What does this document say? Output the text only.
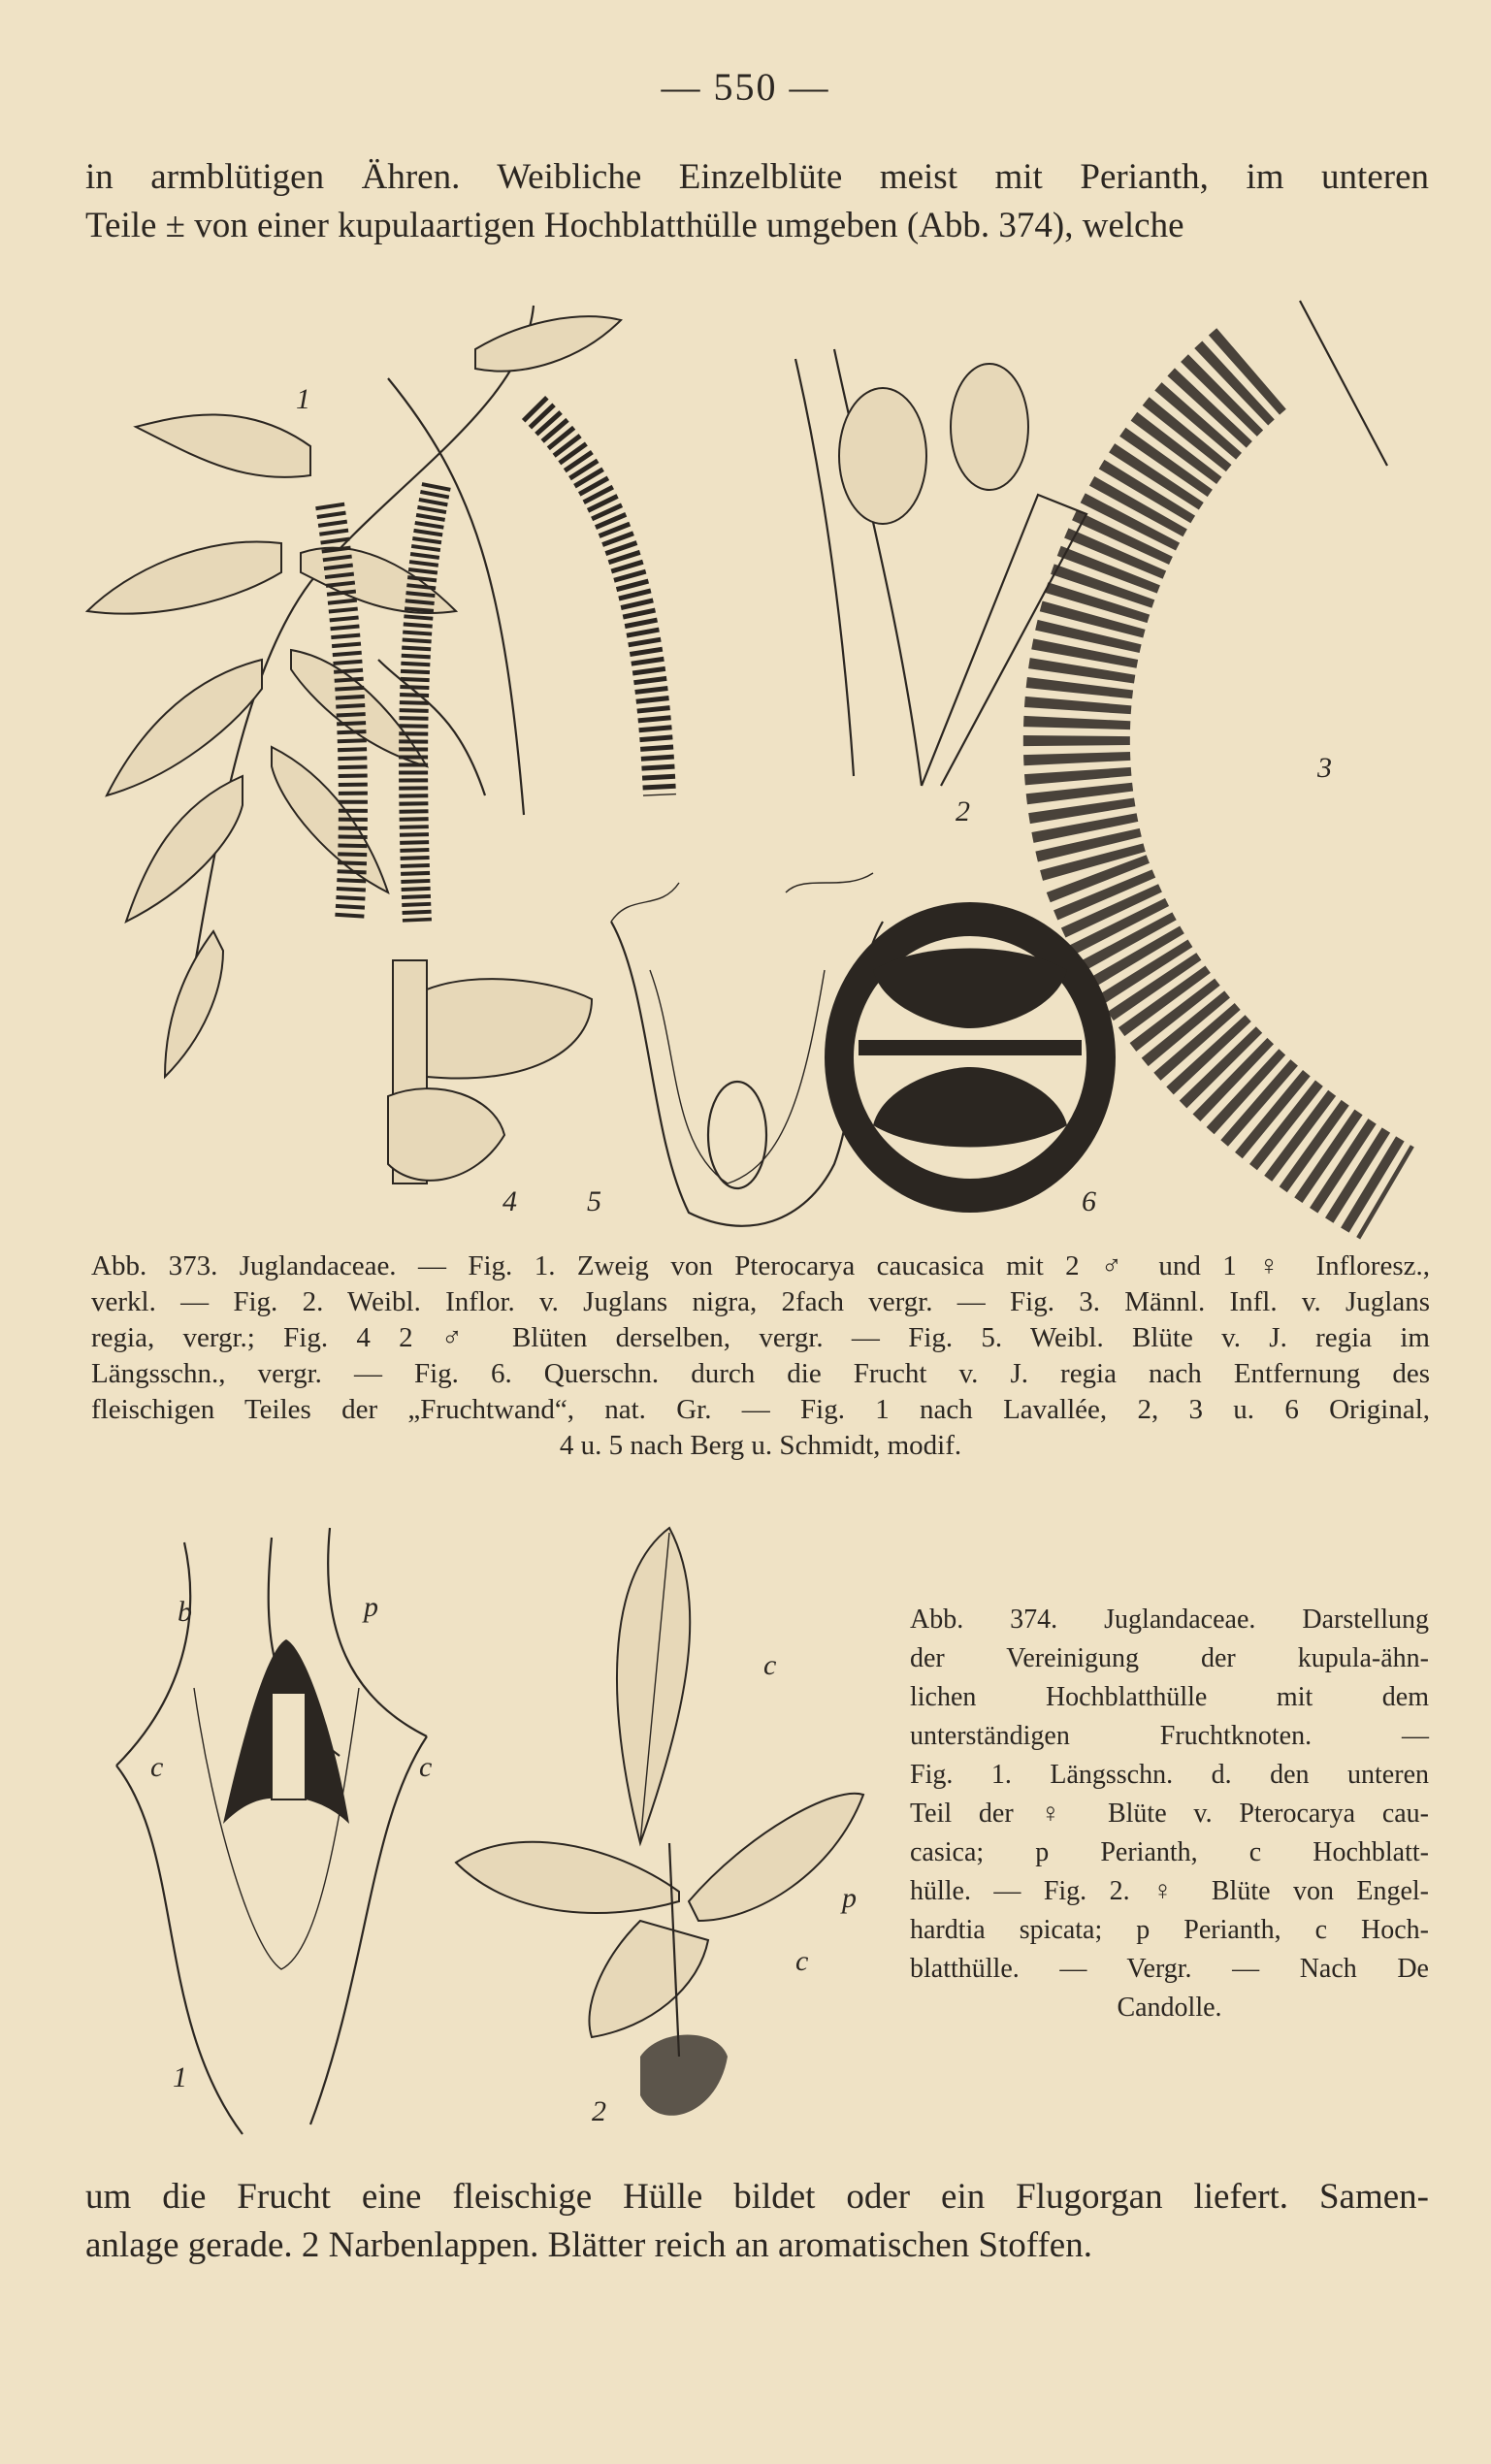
— 550 —
in armblütigen Ähren. Weibliche Einzelblüte meist mit Perianth, im unteren
Teile ± von einer kupulaartigen Hochblatthülle umgeben (Abb. 374), welche
1
2
3
4 5	6
Abb. 373. Juglandaceae. — Fig. 1. Zweig von Pterocarya caucasica mit 2 ♂ und 1 ♀ Infloresz.,
verkl. — Fig. 2. Weibl. Inflor. v. Juglans nigra, 2fach vergr. — Fig. 3. Männl. Infl. v. Juglans
regia, vergr.; Fig. 4 2 ♂ Blüten derselben, vergr. — Fig. 5. Weibl. Blüte v. J. regia im
Längsschn., vergr. — Fig. 6. Querschn. durch die Frucht v. J. regia nach Entfernung des
fleischigen Teiles der „Fruchtwand“, nat. Gr. — Fig. 1 nach Lavallée, 2, 3 u. 6 Original,
4 u. 5 nach Berg u. Schmidt, modif.
b	p
c	c
c
p
c
1
2
Abb. 374. Juglandaceae. Darstellung
der Vereinigung der kupula-ähn-
lichen Hochblatthülle mit dem
unterständigen Fruchtknoten. —
Fig. 1. Längsschn. d. den unteren
Teil der ♀ Blüte v. Pterocarya cau-
casica; p Perianth, c Hochblatt-
hülle. — Fig. 2. ♀ Blüte von Engel-
hardtia spicata; p Perianth, c Hoch-
blatthülle. — Vergr. — Nach De
Candolle.
um die Frucht eine fleischige Hülle bildet oder ein Flugorgan liefert. Samen-
anlage gerade. 2 Narbenlappen. Blätter reich an aromatischen Stoffen.
